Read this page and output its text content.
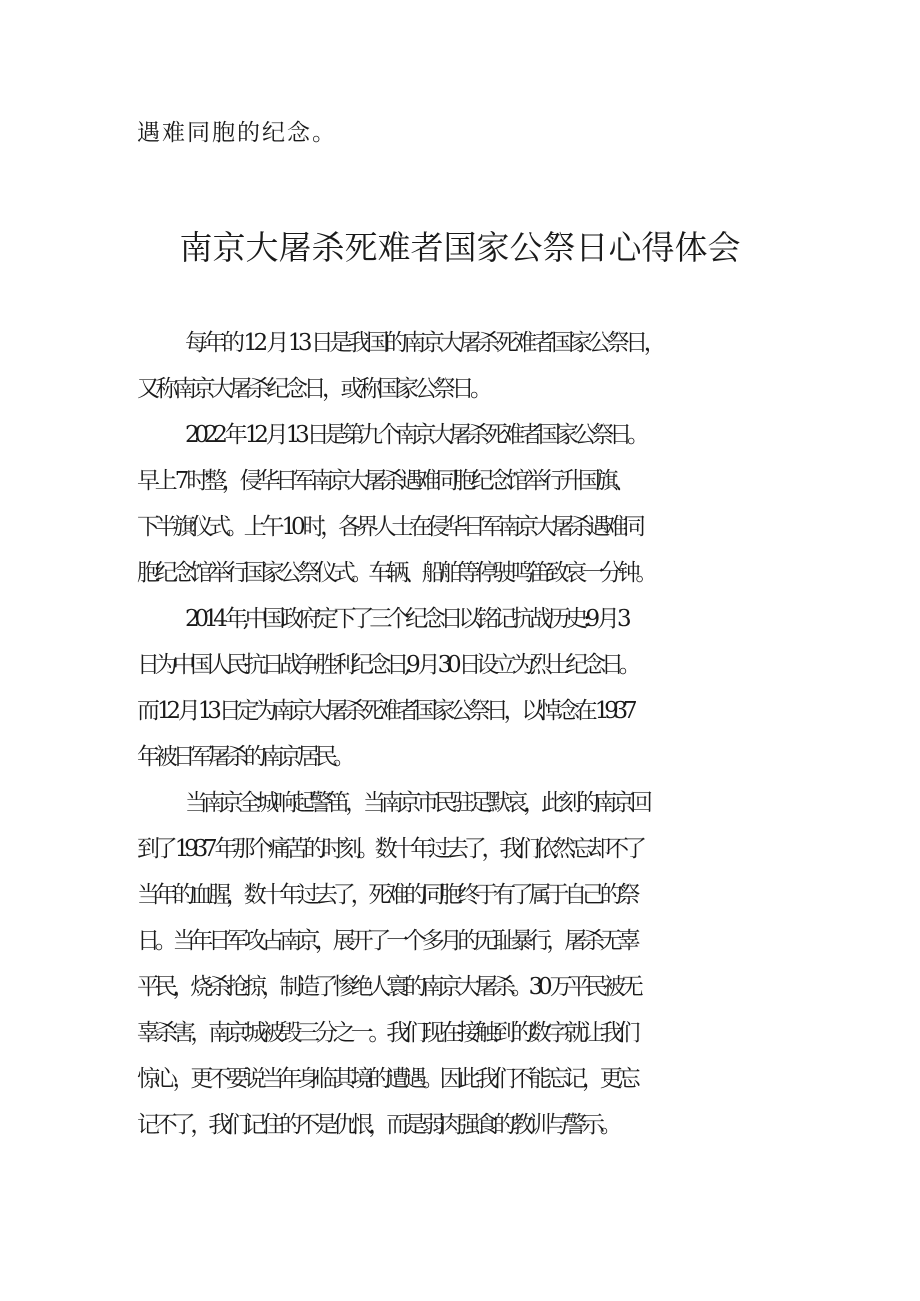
遇难同胞的纪念。
南京大屠杀死难者国家公祭日心得体会
每年的 12 月 13 日是我国的南京大屠杀死难者国家公祭日，
又称南京大屠杀纪念日，或称国家公祭日。
2022 年 12 月 13 日是第九个南京大屠杀死难者国家公祭日。
早上 7 时整，侵华日军南京大屠杀遇难同胞纪念馆举行升国旗、
下半旗仪式。上午 10 时，各界人士在侵华日军南京大屠杀遇难同
胞纪念馆举行国家公祭仪式。车辆、船舶等停驶鸣笛致哀一分钟。
2014 年,中国政府定下了三个纪念日以铭记抗战历史:9 月 3
日为中国人民抗日战争胜利纪念日,9 月 30 日设立为烈士纪念日。
而 12 月 13 日定为南京大屠杀死难者国家公祭日，以悼念在 1937
年被日军屠杀的南京居民。
当南京全城响起警笛，当南京市民驻足默哀，此刻的南京回
到了 1937 年那个痛苦的时刻。数十年过去了，我们依然忘却不了
当年的血腥，数十年过去了，死难的同胞终于有了属于自己的祭
日。当年日军攻占南京，展开了一个多月的无耻暴行，屠杀无辜
平民，烧杀抢掠，制造了惨绝人寰的南京大屠杀。30 万平民被无
辜杀害，南京城被毁三分之一。我们现在接触到的数字就让我们
惊心，更不要说当年身临其境的遭遇。因此我们不能忘记，更忘
记不了，我们记住的不是仇恨，而是弱肉强食的教训与警示。
